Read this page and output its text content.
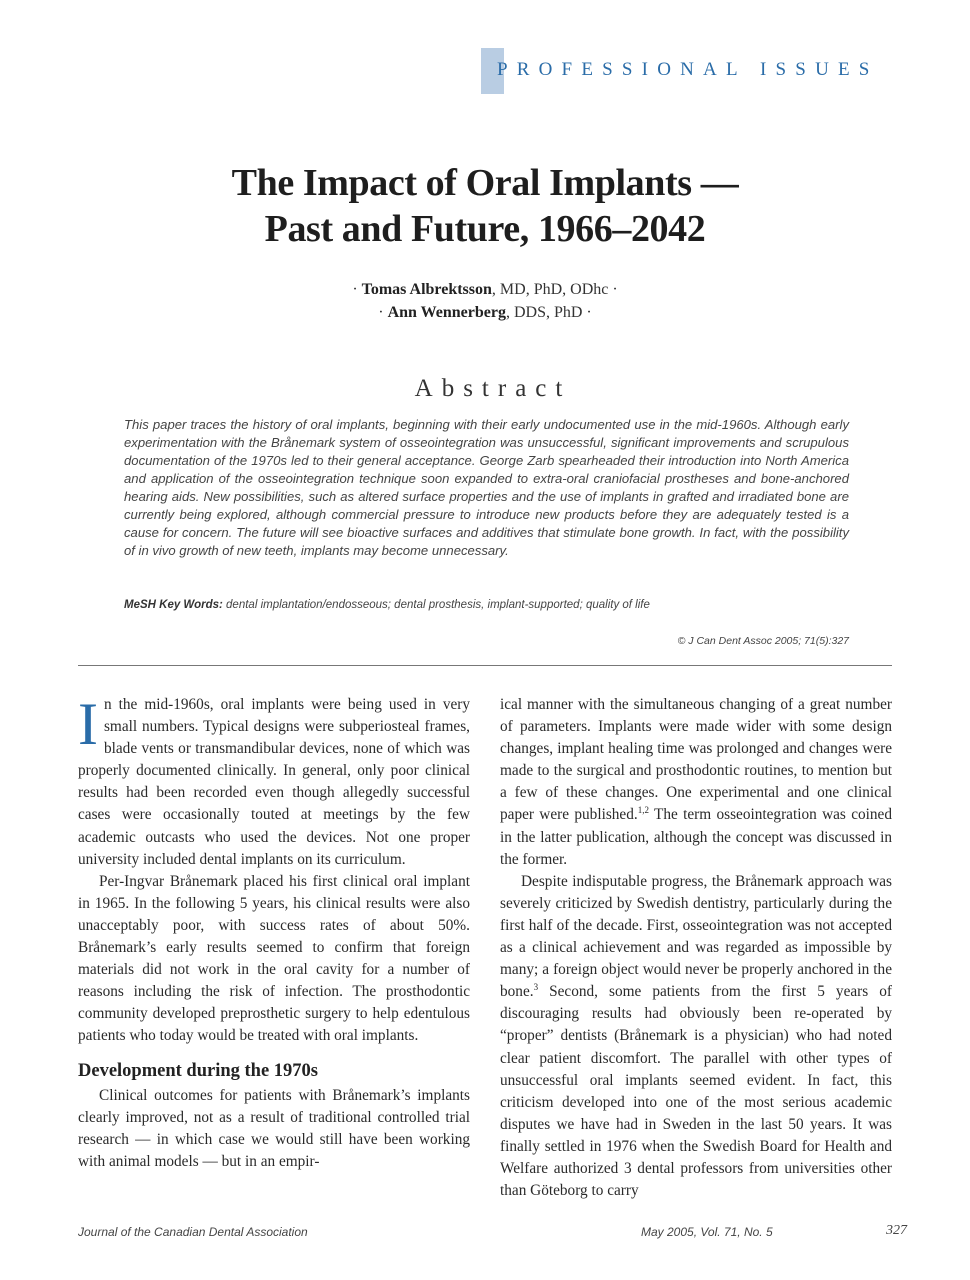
PROFESSIONAL ISSUES
The Impact of Oral Implants —
Past and Future, 1966–2042
· Tomas Albrektsson, MD, PhD, ODhc ·
· Ann Wennerberg, DDS, PhD ·
Abstract

This paper traces the history of oral implants, beginning with their early undocumented use in the mid-1960s. Although early experimentation with the Brånemark system of osseointegration was unsuccessful, significant improvements and scrupulous documentation of the 1970s led to their general acceptance. George Zarb spearheaded their introduction into North America and application of the osseointegration technique soon expanded to extra-oral craniofacial prostheses and bone-anchored hearing aids. New possibilities, such as altered surface properties and the use of implants in grafted and irradiated bone are currently being explored, although commercial pressure to introduce new products before they are adequately tested is a cause for concern. The future will see bioactive surfaces and additives that stimulate bone growth. In fact, with the possibility of in vivo growth of new teeth, implants may become unnecessary.

MeSH Key Words: dental implantation/endosseous; dental prosthesis, implant-supported; quality of life
© J Can Dent Assoc 2005; 71(5):327

In the mid-1960s, oral implants were being used in very small numbers. Typical designs were subperiosteal frames, blade vents or transmandibular devices, none of which was properly documented clinically. In general, only poor clinical results had been recorded even though allegedly successful cases were occasionally touted at meetings by the few academic outcasts who used the devices. Not one proper university included dental implants on its curriculum.

Per-Ingvar Brånemark placed his first clinical oral implant in 1965. In the following 5 years, his clinical results were also unacceptably poor, with success rates of about 50%. Brånemark’s early results seemed to confirm that foreign materials did not work in the oral cavity for a number of reasons including the risk of infection. The prosthodontic community developed preprosthetic surgery to help edentulous patients who today would be treated with oral implants.

Development during the 1970s

Clinical outcomes for patients with Brånemark’s implants clearly improved, not as a result of traditional controlled trial research — in which case we would still have been working with animal models — but in an empir-

ical manner with the simultaneous changing of a great number of parameters. Implants were made wider with some design changes, implant healing time was prolonged and changes were made to the surgical and prosthodontic routines, to mention but a few of these changes. One experimental and one clinical paper were published.$^{1,2}$ The term osseointegration was coined in the latter publication, although the concept was discussed in the former.

Despite indisputable progress, the Brånemark approach was severely criticized by Swedish dentistry, particularly during the first half of the decade. First, osseointegration was not accepted as a clinical achievement and was regarded as impossible by many; a foreign object would never be properly anchored in the bone.$^3$ Second, some patients from the first 5 years of discouraging results had obviously been re-operated by “proper” dentists (Brånemark is a physician) who had noted clear patient discomfort. The parallel with other types of unsuccessful oral implants seemed evident. In fact, this criticism developed into one of the most serious academic disputes we have had in Sweden in the last 50 years. It was finally settled in 1976 when the Swedish Board for Health and Welfare authorized 3 dental professors from universities other than Göteborg to carry

Journal of the Canadian Dental Association	May 2005, Vol. 71, No. 5	327
